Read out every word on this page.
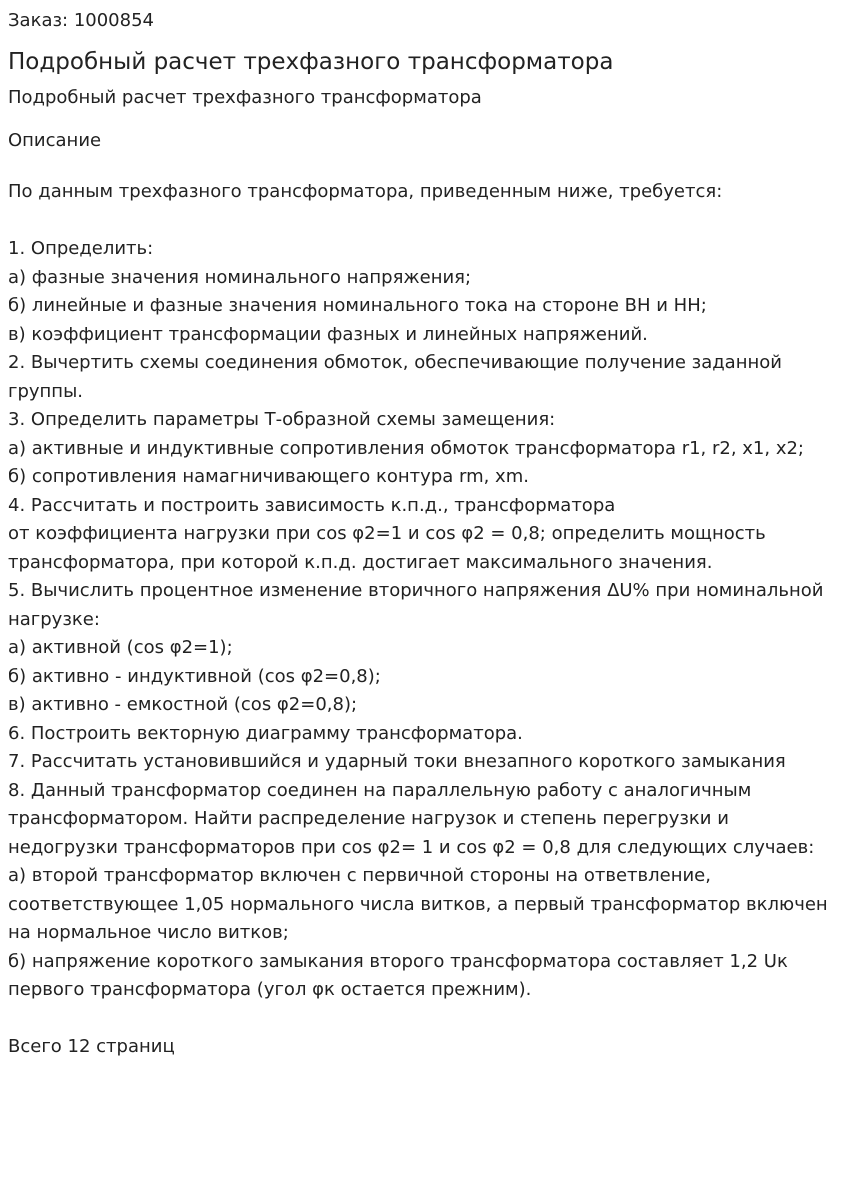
Заказ: 1000854

Подробный расчет трехфазного трансформатора

Подробный расчет трехфазного трансформатора

Описание

По данным трехфазного трансформатора, приведенным ниже, требуется:

1. Определить:

а) фазные значения номинального напряжения;

б) линейные и фазные значения номинального тока на стороне ВН и НН;

в) коэффициент трансформации фазных и линейных напряжений.

2. Вычертить схемы соединения обмоток, обеспечивающие получение заданной группы.

3. Определить параметры Т-образной схемы замещения:

а) активные и индуктивные сопротивления обмоток трансформатора r1, r2, x1, x2;

б) сопротивления намагничивающего контура rm, xm.

4. Рассчитать и построить зависимость к.п.д., трансформатора

от коэффициента нагрузки при cos φ2=1 и cos φ2 = 0,8; определить мощность трансформатора, при которой к.п.д. достигает максимального значения.

5. Вычислить процентное изменение вторичного напряжения ΔU% при номинальной нагрузке:

а) активной (cos φ2=1);

б) активно - индуктивной (cos φ2=0,8);

в) активно - емкостной (cos φ2=0,8);

6. Построить векторную диаграмму трансформатора.

7. Рассчитать установившийся и ударный токи внезапного короткого замыкания

8. Данный трансформатор соединен на параллельную работу с аналогичным трансформатором. Найти распределение нагрузок и степень перегрузки и недогрузки трансформаторов при cos φ2= 1 и cos φ2 = 0,8 для следующих случаев:

а) второй трансформатор включен с первичной стороны на ответвление, соответствующее 1,05 нормального числа витков, а первый трансформатор включен на нормальное число витков;

б) напряжение короткого замыкания второго трансформатора составляет 1,2 Uк первого трансформатора (угол φк остается прежним).

Всего 12 страниц
